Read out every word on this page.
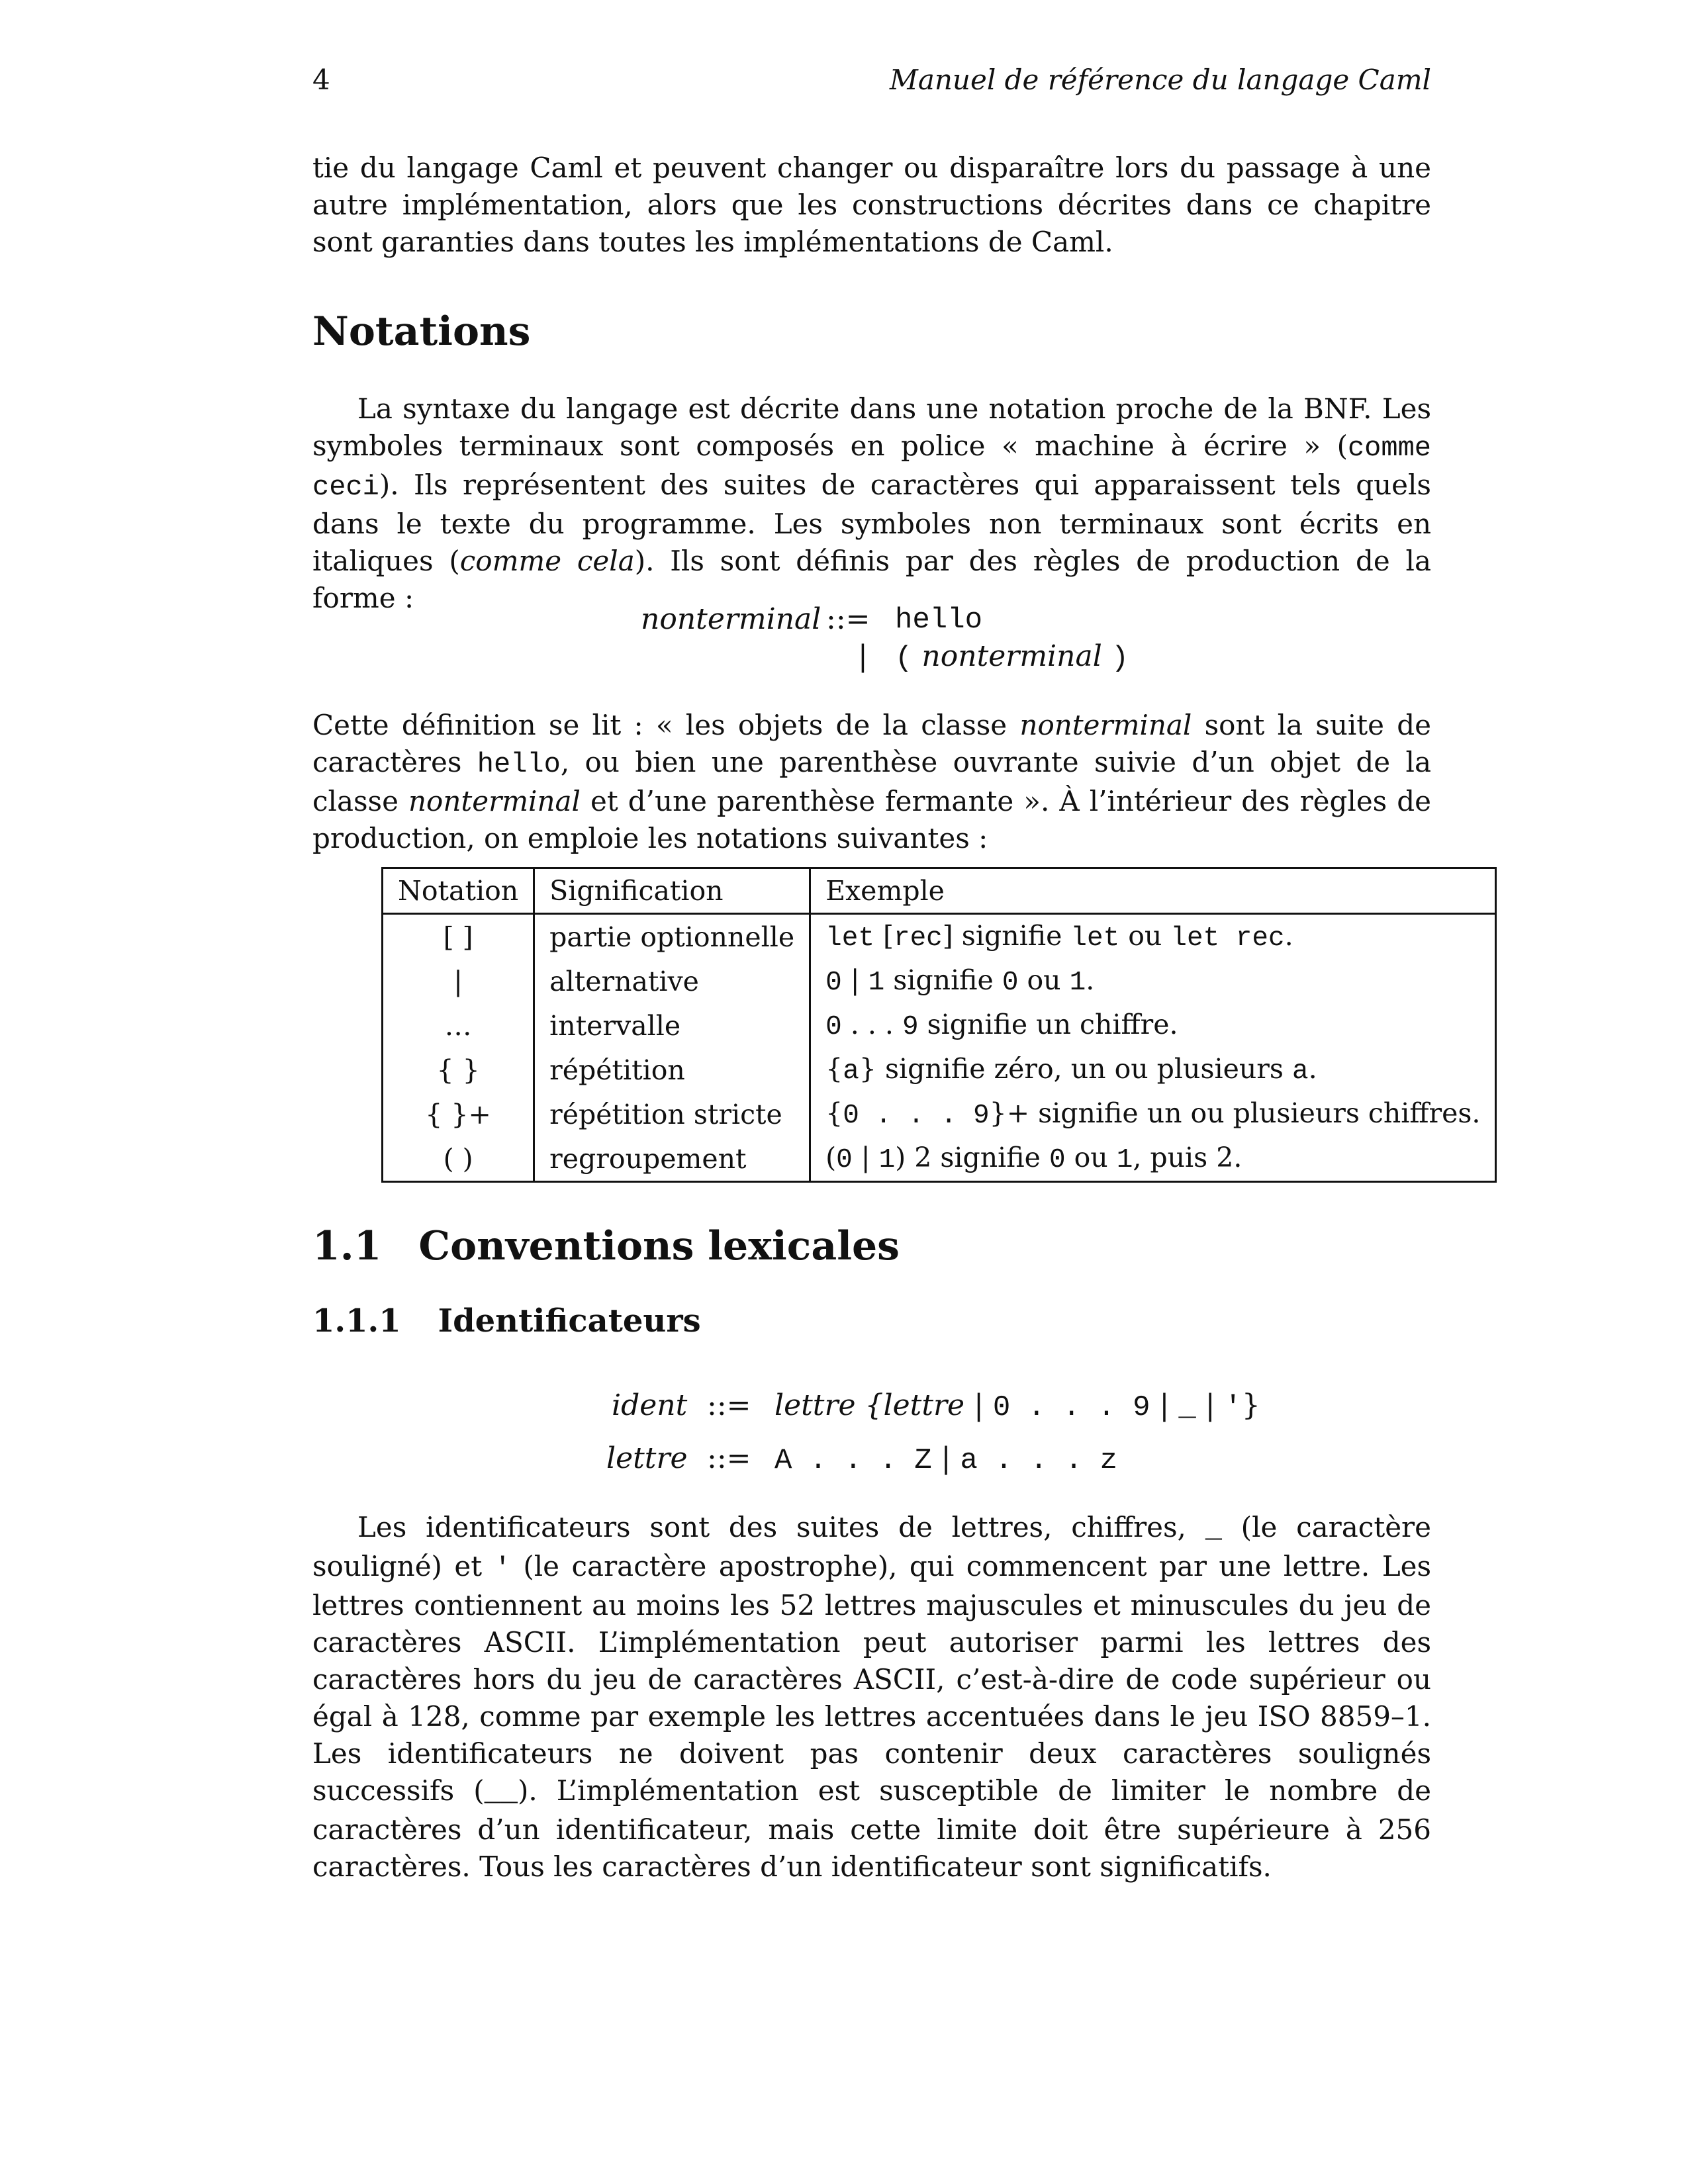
4	Manuel de référence du langage Caml

tie du langage Caml et peuvent changer ou disparaître lors du passage à une autre implémentation, alors que les constructions décrites dans ce chapitre sont garanties dans toutes les implémentations de Caml.

Notations

La syntaxe du langage est décrite dans une notation proche de la BNF. Les symboles terminaux sont composés en police « machine à écrire » (comme ceci). Ils représentent des suites de caractères qui apparaissent tels quels dans le texte du programme. Les symboles non terminaux sont écrits en italiques (comme cela). Ils sont définis par des règles de production de la forme :

nonterminal ::= hello
| ( nonterminal )

Cette définition se lit : « les objets de la classe nonterminal sont la suite de caractères hello, ou bien une parenthèse ouvrante suivie d’un objet de la classe nonterminal et d’une parenthèse fermante ». À l’intérieur des règles de production, on emploie les notations suivantes :

Notation	Signification	Exemple
[ ]	partie optionnelle	let [rec] signifie let ou let rec.
|	alternative	0 | 1 signifie 0 ou 1.
…	intervalle	0 . . . 9 signifie un chiffre.
{ }	répétition	{a} signifie zéro, un ou plusieurs a.
{ }+	répétition stricte	{0 . . . 9}+ signifie un ou plusieurs chiffres.
( )	regroupement	(0 | 1) 2 signifie 0 ou 1, puis 2.
1.1 Conventions lexicales
1.1.1 Identificateurs
ident ::= lettre {lettre | 0 . . . 9 | _ | '}
lettre ::= A . . . Z | a . . . z

Les identificateurs sont des suites de lettres, chiffres, _ (le caractère souligné) et ' (le caractère apostrophe), qui commencent par une lettre. Les lettres contiennent au moins les 52 lettres majuscules et minuscules du jeu de caractères ASCII. L’implémentation peut autoriser parmi les lettres des caractères hors du jeu de caractères ASCII, c’est-à-dire de code supérieur ou égal à 128, comme par exemple les lettres accentuées dans le jeu ISO 8859–1. Les identificateurs ne doivent pas contenir deux caractères soulignés successifs (__). L’implémentation est susceptible de limiter le nombre de caractères d’un identificateur, mais cette limite doit être supérieure à 256 caractères. Tous les caractères d’un identificateur sont significatifs.
